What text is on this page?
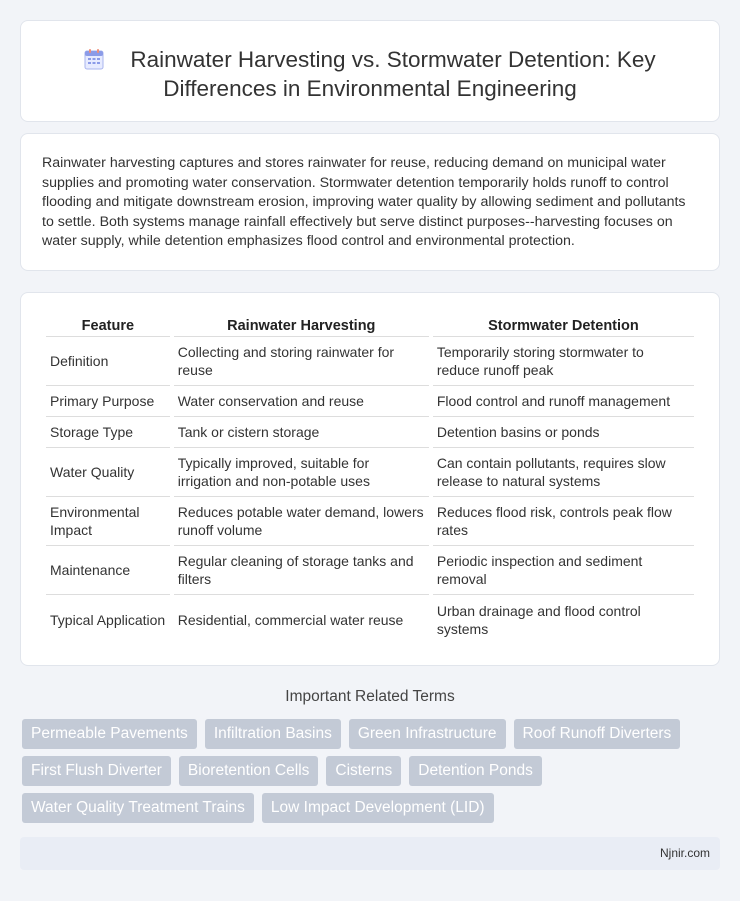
Rainwater Harvesting vs. Stormwater Detention: Key Differences in Environmental Engineering

Rainwater harvesting captures and stores rainwater for reuse, reducing demand on municipal water supplies and promoting water conservation. Stormwater detention temporarily holds runoff to control flooding and mitigate downstream erosion, improving water quality by allowing sediment and pollutants to settle. Both systems manage rainfall effectively but serve distinct purposes--harvesting focuses on water supply, while detention emphasizes flood control and environmental protection.

Feature	Rainwater Harvesting	Stormwater Detention
Definition	Collecting and storing rainwater for reuse	Temporarily storing stormwater to reduce runoff peak
Primary Purpose	Water conservation and reuse	Flood control and runoff management
Storage Type	Tank or cistern storage	Detention basins or ponds
Water Quality	Typically improved, suitable for irrigation and non-potable uses	Can contain pollutants, requires slow release to natural systems
Environmental Impact	Reduces potable water demand, lowers runoff volume	Reduces flood risk, controls peak flow rates
Maintenance	Regular cleaning of storage tanks and filters	Periodic inspection and sediment removal
Typical Application	Residential, commercial water reuse	Urban drainage and flood control systems
Important Related Terms
Permeable Pavements	Infiltration Basins	Green Infrastructure	Roof Runoff Diverters
First Flush Diverter	Bioretention Cells	Cisterns	Detention Ponds
Water Quality Treatment Trains	Low Impact Development (LID)
Njnir.com
